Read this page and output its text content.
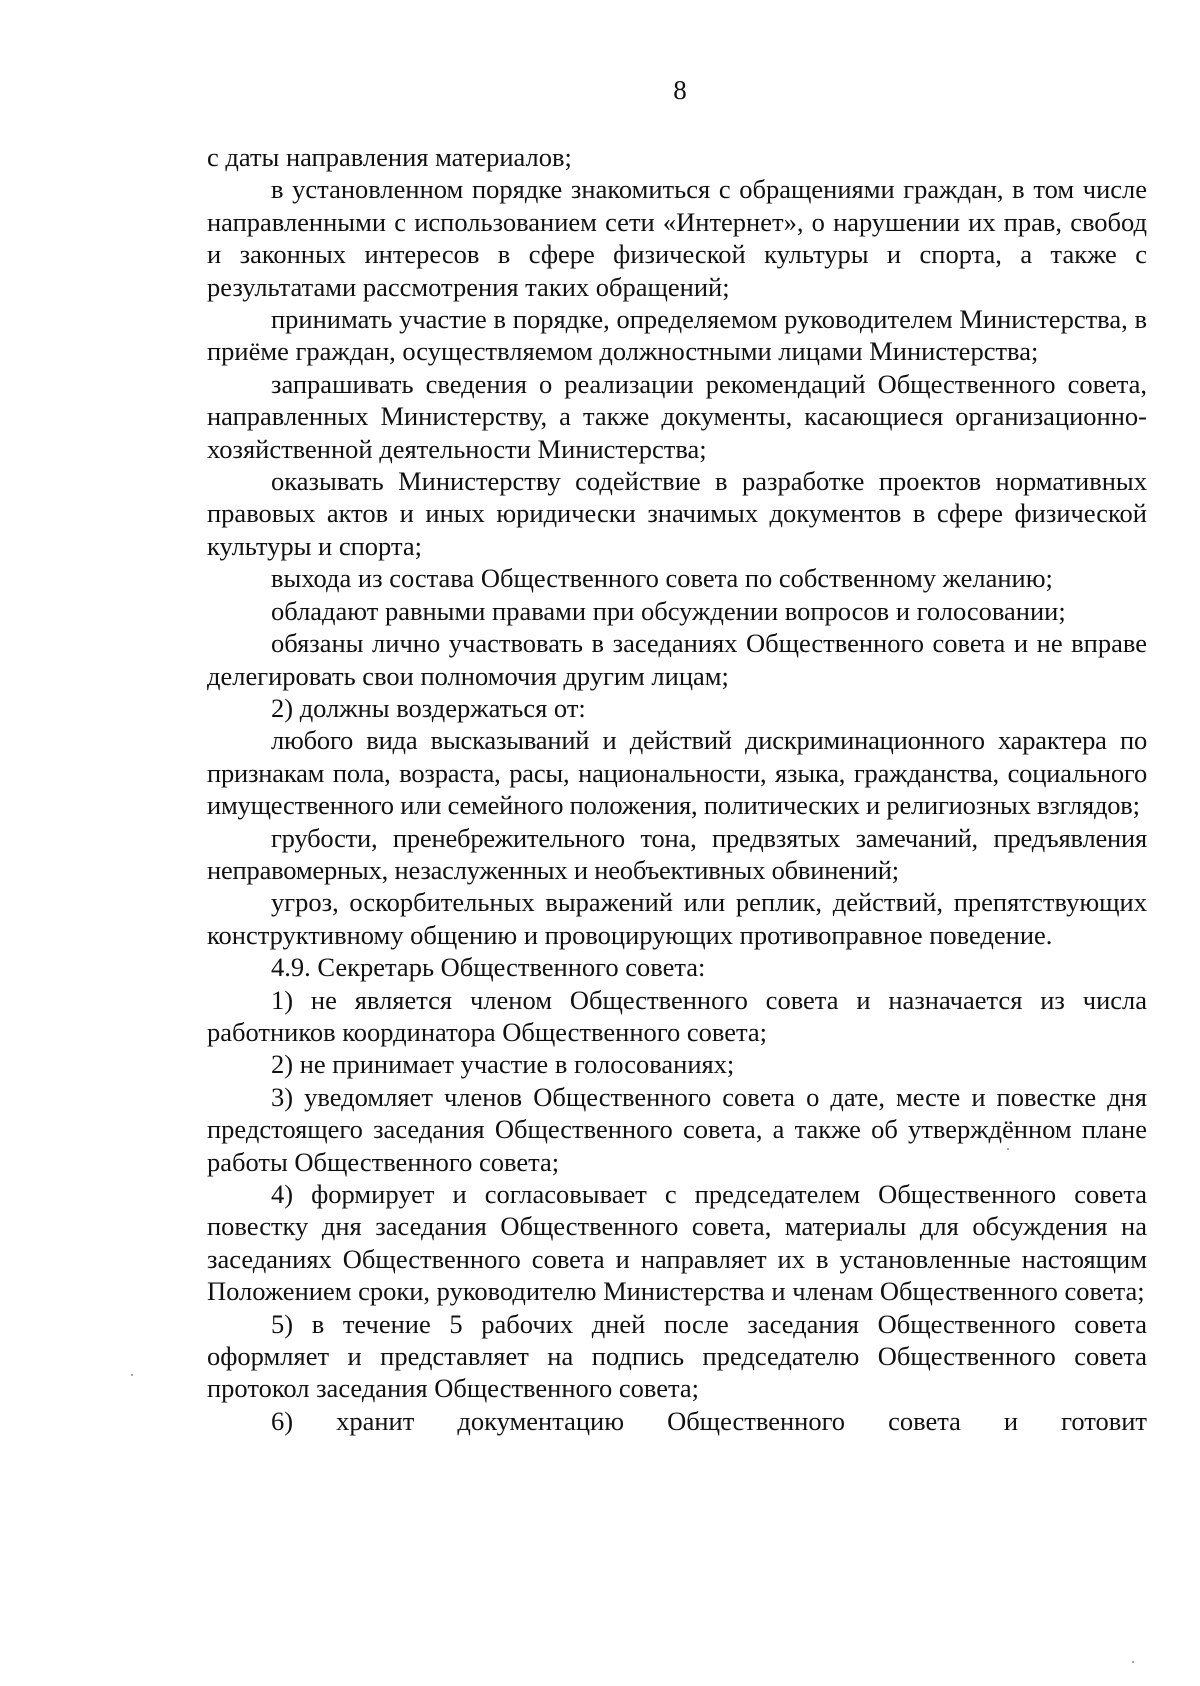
8

с даты направления материалов;

в установленном порядке знакомиться с обращениями граждан, в том числе направленными с использованием сети «Интернет», о нарушении их прав, свобод и законных интересов в сфере физической культуры и спорта, а также с результатами рассмотрения таких обращений;

принимать участие в порядке, определяемом руководителем Министерства, в приёме граждан, осуществляемом должностными лицами Министерства;

запрашивать сведения о реализации рекомендаций Общественного совета, направленных Министерству, а также документы, касающиеся организационно-хозяйственной деятельности Министерства;

оказывать Министерству содействие в разработке проектов нормативных правовых актов и иных юридически значимых документов в сфере физической культуры и спорта;

выхода из состава Общественного совета по собственному желанию;

обладают равными правами при обсуждении вопросов и голосовании;

обязаны лично участвовать в заседаниях Общественного совета и не вправе делегировать свои полномочия другим лицам;

2) должны воздержаться от:

любого вида высказываний и действий дискриминационного характера по признакам пола, возраста, расы, национальности, языка, гражданства, социального имущественного или семейного положения, политических и религиозных взглядов;

грубости, пренебрежительного тона, предвзятых замечаний, предъявления неправомерных, незаслуженных и необъективных обвинений;

угроз, оскорбительных выражений или реплик, действий, препятствующих конструктивному общению и провоцирующих противоправное поведение.

4.9. Секретарь Общественного совета:

1) не является членом Общественного совета и назначается из числа работников координатора Общественного совета;

2) не принимает участие в голосованиях;

3) уведомляет членов Общественного совета о дате, месте и повестке дня предстоящего заседания Общественного совета, а также об утверждённом плане работы Общественного совета;

4) формирует и согласовывает с председателем Общественного совета повестку дня заседания Общественного совета, материалы для обсуждения на заседаниях Общественного совета и направляет их в установленные настоящим Положением сроки, руководителю Министерства и членам Общественного совета;

5) в течение 5 рабочих дней после заседания Общественного совета оформляет и представляет на подпись председателю Общественного совета протокол заседания Общественного совета;

6) хранит документацию Общественного совета и готовит
